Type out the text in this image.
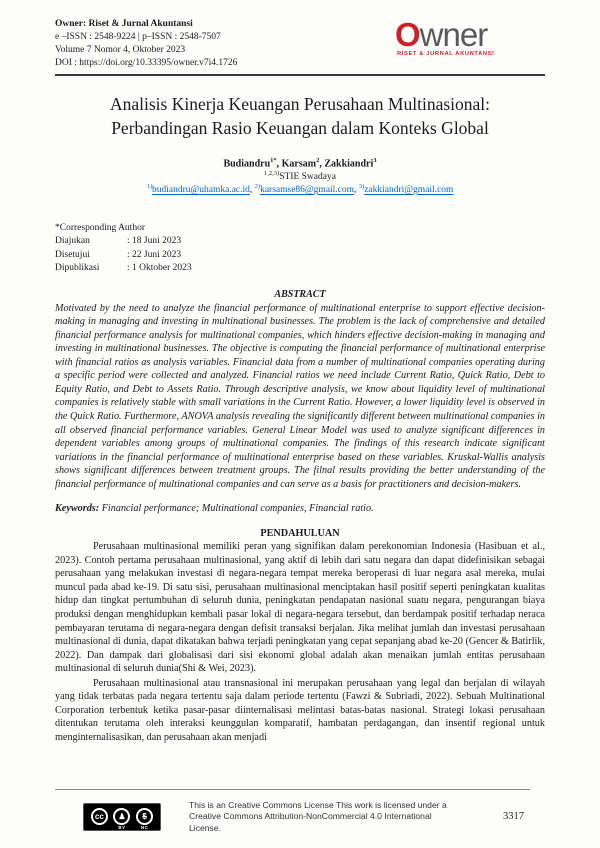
Owner: Riset & Jurnal Akuntansi
e –ISSN : 2548-9224 | p–ISSN : 2548-7507
Volume 7 Nomor 4, Oktober 2023
DOI : https://doi.org/10.33395/owner.v7i4.1726
Owner
RISET & JURNAL AKUNTANSI
Analisis Kinerja Keuangan Perusahaan Multinasional: Perbandingan Rasio Keuangan dalam Konteks Global
Budiandru$^{1*}$, Karsam$^2$, Zakkiandri$^3$
$^{1,2,3)}$STIE Swadaya
$^{1)}$budiandru@uhamka.ac.id, $^{2)}$karsamse86@gmail.com, $^{3)}$zakkiandri@gmail.com
*Corresponding Author
Diajukan	: 18 Juni 2023
Disetujui	: 22 Juni 2023
Dipublikasi	: 1 Oktober 2023
ABSTRACT
Motivated by the need to analyze the financial performance of multinational enterprise to support effective decision-making in managing and investing in multinational businesses. The problem is the lack of comprehensive and detailed financial performance analysis for multinational companies, which hinders effective decision-making in managing and investing in multinational businesses. The objective is computing the financial performance of multinational enterprise with financial ratios as analysis variables. Financial data from a number of multinational companies operating during a specific period were collected and analyzed. Financial ratios we need include Current Ratio, Quick Ratio, Debt to Equity Ratio, and Debt to Assets Ratio. Through descriptive analysis, we know about liquidity level of multinational companies is relatively stable with small variations in the Current Ratio. However, a lower liquidity level is observed in the Quick Ratio. Furthermore, ANOVA analysis revealing the significantly different between multinational companies in all observed financial performance variables. General Linear Model was used to analyze significant differences in dependent variables among groups of multinational companies. The findings of this research indicate significant variations in the financial performance of multinational enterprise based on these variables. Kruskal-Wallis analysis shows significant differences between treatment groups. The filnal results providing the better understanding of the financial performance of multinational companies and can serve as a basis for practitioners and decision-makers.
Keywords: Financial performance; Multinational companies, Financial ratio.
PENDAHULUAN

Perusahaan multinasional memiliki peran yang signifikan dalam perekonomian Indonesia (Hasibuan et al., 2023). Contoh pertama perusahaan multinasional, yang aktif di lebih dari satu negara dan dapat didefinisikan sebagai perusahaan yang melakukan investasi di negara-negara tempat mereka beroperasi di luar negara asal mereka, mulai muncul pada abad ke-19. Di satu sisi, perusahaan multinasional menciptakan hasil positif seperti peningkatan kualitas hidup dan tingkat pertumbuhan di seluruh dunia, peningkatan pendapatan nasional suatu negara, pengurangan biaya produksi dengan menghidupkan kembali pasar lokal di negara-negara tersebut, dan berdampak positif terhadap neraca pembayaran terutama di negara-negara dengan defisit transaksi berjalan. Jika melihat jumlah dan investasi perusahaan multinasional di dunia, dapat dikatakan bahwa terjadi peningkatan yang cepat sepanjang abad ke-20 (Gencer & Batirlik, 2022). Dan dampak dari globalisasi dari sisi ekonomi global adalah akan menaikan jumlah entitas perusahaan multinasional di seluruh dunia(Shi & Wei, 2023).

Perusahaan multinasional atau transnasional ini merupakan perusahaan yang legal dan berjalan di wilayah yang tidak terbatas pada negara tertentu saja dalam periode tertentu (Fawzi & Subriadi, 2022). Sebuah Multinational Corporation terbentuk ketika pasar-pasar diinternalisasi melintasi batas-batas nasional. Strategi lokasi perusahaan ditentukan terutama oleh interaksi keunggulan komparatif, hambatan perdagangan, dan insentif regional untuk menginternalisasikan, dan perusahaan akan menjadi

cc	♟
BY
$
NC
This is an Creative Commons License This work is licensed under a Creative Commons Attribution-NonCommercial 4.0 International License.
3317
